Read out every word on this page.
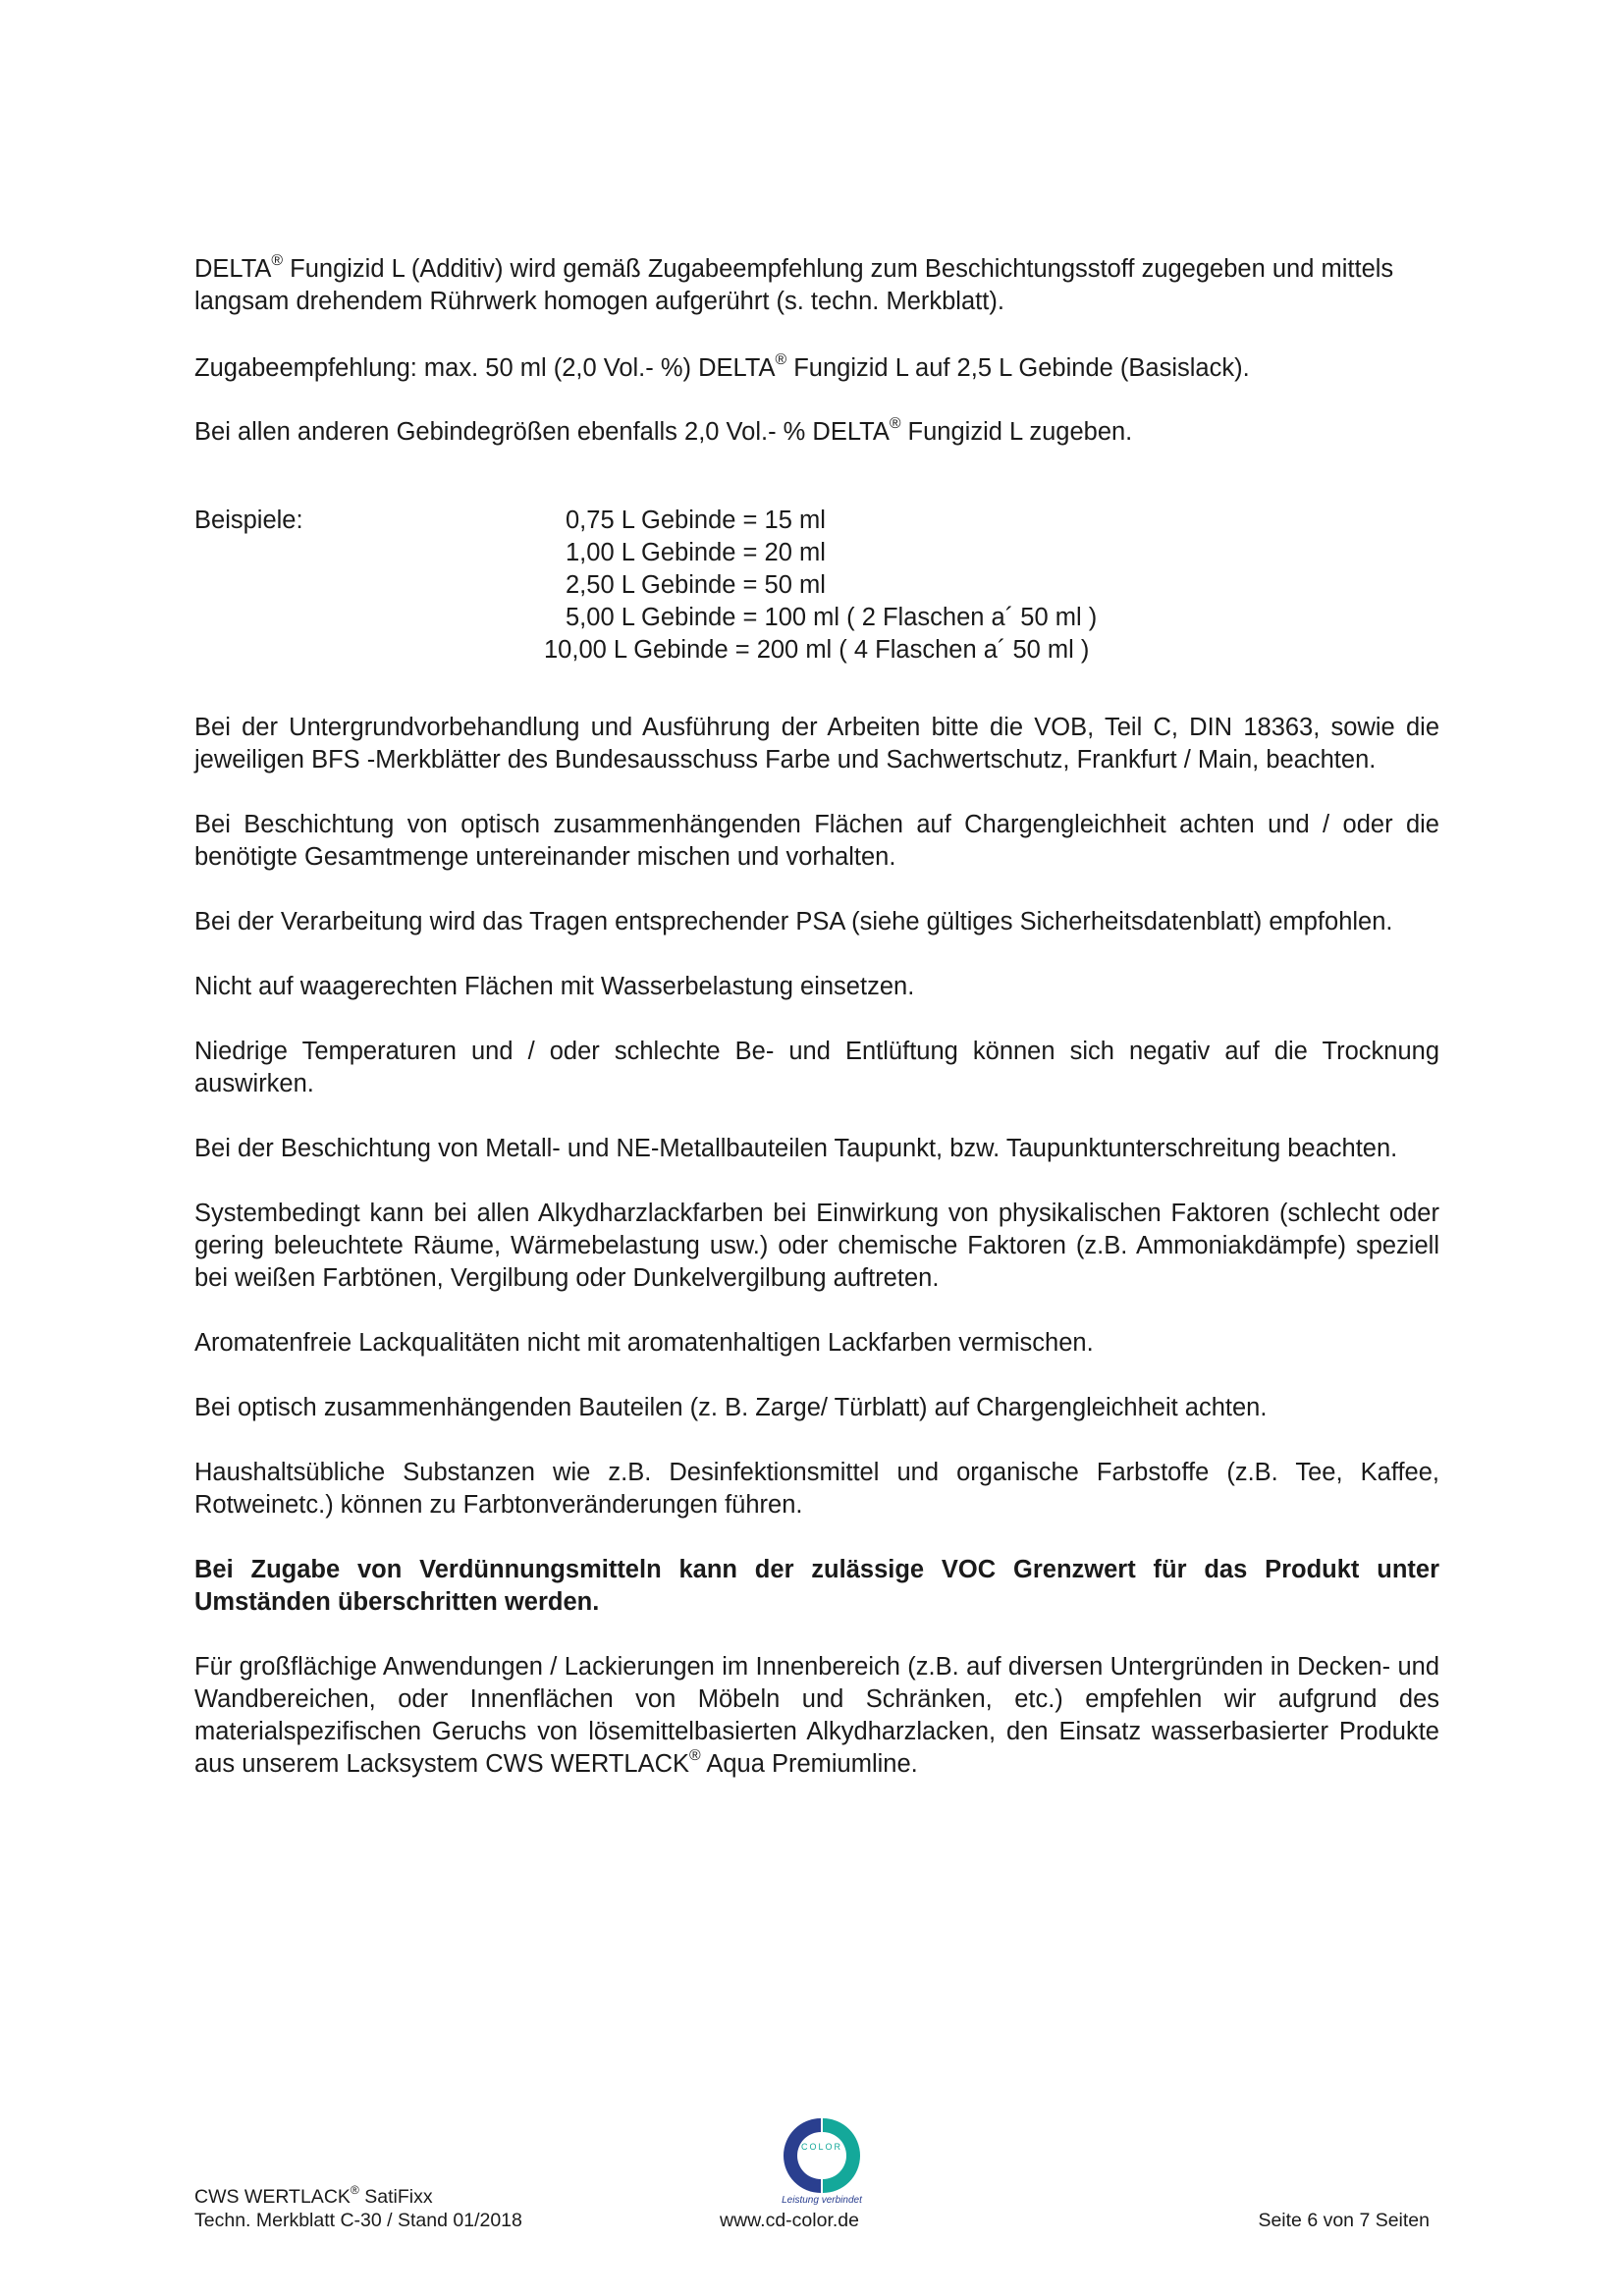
DELTA® Fungizid L (Additiv) wird gemäß Zugabeempfehlung zum Beschichtungsstoff zugegeben und mittels langsam drehendem Rührwerk homogen aufgerührt (s. techn. Merkblatt).

Zugabeempfehlung: max. 50 ml (2,0 Vol.- %) DELTA® Fungizid L auf 2,5 L Gebinde (Basislack).

Bei allen anderen Gebindegrößen ebenfalls 2,0 Vol.- % DELTA® Fungizid L zugeben.

Beispiele:	0,75 L Gebinde = 15 ml
1,00 L Gebinde = 20 ml
2,50 L Gebinde = 50 ml
5,00 L Gebinde = 100 ml ( 2 Flaschen a´ 50 ml )
10,00 L Gebinde = 200 ml ( 4 Flaschen a´ 50 ml )

Bei der Untergrundvorbehandlung und Ausführung der Arbeiten bitte die VOB, Teil C, DIN 18363, sowie die jeweiligen BFS -Merkblätter des Bundesausschuss Farbe und Sachwertschutz, Frankfurt / Main, beachten.

Bei Beschichtung von optisch zusammenhängenden Flächen auf Chargengleichheit achten und / oder die benötigte Gesamtmenge untereinander mischen und vorhalten.

Bei der Verarbeitung wird das Tragen entsprechender PSA (siehe gültiges Sicherheitsdatenblatt) empfohlen.

Nicht auf waagerechten Flächen mit Wasserbelastung einsetzen.

Niedrige Temperaturen und / oder schlechte Be- und Entlüftung können sich negativ auf die Trocknung auswirken.

Bei der Beschichtung von Metall- und NE-Metallbauteilen Taupunkt, bzw. Taupunktunterschreitung beachten.

Systembedingt kann bei allen Alkydharzlackfarben bei Einwirkung von physikalischen Faktoren (schlecht oder gering beleuchtete Räume, Wärmebelastung usw.) oder chemische Faktoren (z.B. Ammoniakdämpfe) speziell bei weißen Farbtönen, Vergilbung oder Dunkelvergilbung auftreten.

Aromatenfreie Lackqualitäten nicht mit aromatenhaltigen Lackfarben vermischen.

Bei optisch zusammenhängenden Bauteilen (z. B. Zarge/ Türblatt) auf Chargengleichheit achten.

Haushaltsübliche Substanzen wie z.B. Desinfektionsmittel und organische Farbstoffe (z.B. Tee, Kaffee, Rotweinetc.) können zu Farbtonveränderungen führen.

Bei Zugabe von Verdünnungsmitteln kann der zulässige VOC Grenzwert für das Produkt unter Umständen überschritten werden.

Für großflächige Anwendungen / Lackierungen im Innenbereich (z.B. auf diversen Untergründen in Decken- und Wandbereichen, oder Innenflächen von Möbeln und Schränken, etc.) empfehlen wir aufgrund des materialspezifischen Geruchs von lösemittelbasierten Alkydharzlacken, den Einsatz wasserbasierter Produkte aus unserem Lacksystem CWS WERTLACK® Aqua Premiumline.

COLOR
Leistung verbindet
CWS WERTLACK® SatiFixx
Techn. Merkblatt C-30 / Stand 01/2018	www.cd-color.de	Seite 6 von 7 Seiten
